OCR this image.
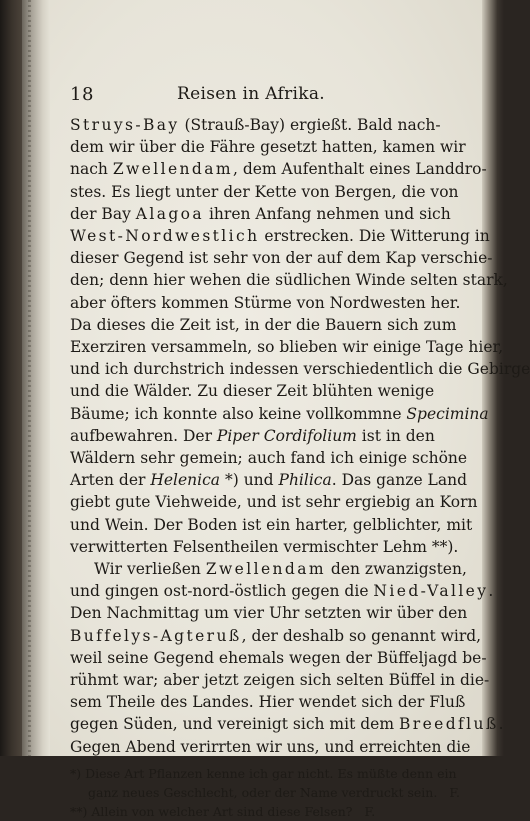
18	Reisen in Afrika.
Struys-Bay (Strauß-Bay) ergießt. Bald nach-
dem wir über die Fähre gesetzt hatten, kamen wir
nach Zwellendam, dem Aufenthalt eines Landdro-
stes. Es liegt unter der Kette von Bergen, die von
der Bay Alagoa ihren Anfang nehmen und sich
West-Nordwestlich erstrecken. Die Witterung in
dieser Gegend ist sehr von der auf dem Kap verschie-
den; denn hier wehen die südlichen Winde selten stark,
aber öfters kommen Stürme von Nordwesten her.
Da dieses die Zeit ist, in der die Bauern sich zum
Exerziren versammeln, so blieben wir einige Tage hier,
und ich durchstrich indessen verschiedentlich die Gebirge
und die Wälder. Zu dieser Zeit blühten wenige
Bäume; ich konnte also keine vollkommne Specimina
aufbewahren. Der Piper Cordifolium ist in den
Wäldern sehr gemein; auch fand ich einige schöne
Arten der Helenica *) und Philica. Das ganze Land
giebt gute Viehweide, und ist sehr ergiebig an Korn
und Wein. Der Boden ist ein harter, gelblichter, mit
verwitterten Felsentheilen vermischter Lehm **).
Wir verließen Zwellendam den zwanzigsten,
und gingen ost-nord-östlich gegen die Nied-Valley.
Den Nachmittag um vier Uhr setzten wir über den
Buffelys-Agteruß, der deshalb so genannt wird,
weil seine Gegend ehemals wegen der Büffeljagd be-
rühmt war; aber jetzt zeigen sich selten Büffel in die-
sem Theile des Landes. Hier wendet sich der Fluß
gegen Süden, und vereinigt sich mit dem Breedfluß.
Gegen Abend verirrten wir uns, und erreichten die
*) Diese Art Pflanzen kenne ich gar nicht. Es müßte denn ein
ganz neues Geschlecht, oder der Name verdruckt sein. F.
**) Allein von welcher Art sind diese Felsen? F.
